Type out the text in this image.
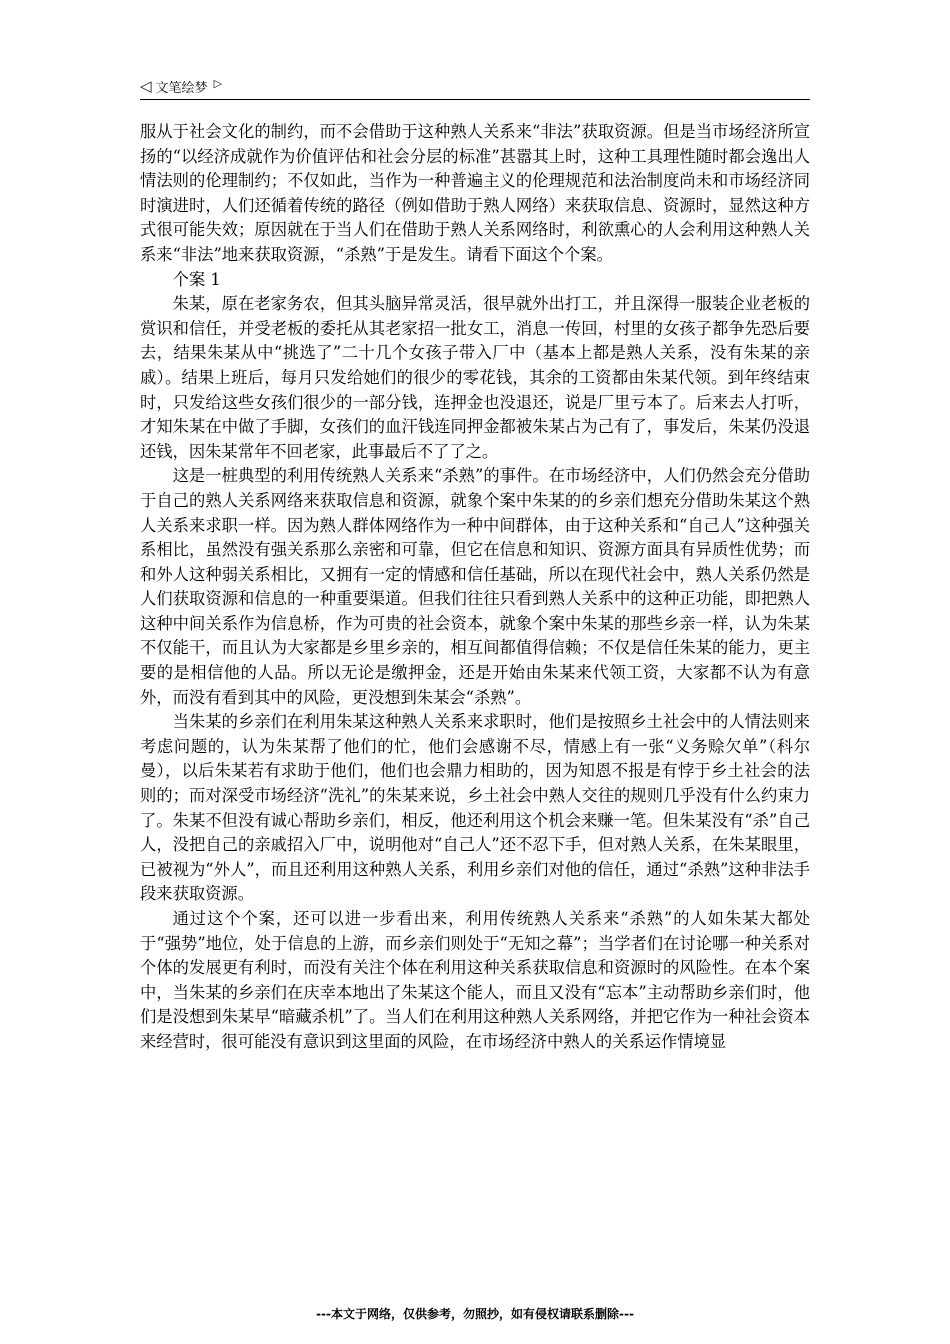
◁ 文笔绘梦 ▷

服从于社会文化的制约，而不会借助于这种熟人关系来“非法”获取资源。但是当市场经济所宣扬的“以经济成就作为价值评估和社会分层的标准”甚嚣其上时，这种工具理性随时都会逸出人情法则的伦理制约；不仅如此，当作为一种普遍主义的伦理规范和法治制度尚未和市场经济同时演进时，人们还循着传统的路径（例如借助于熟人网络）来获取信息、资源时，显然这种方式很可能失效；原因就在于当人们在借助于熟人关系网络时，利欲熏心的人会利用这种熟人关系来“非法”地来获取资源，“杀熟”于是发生。请看下面这个个案。

个案 1

朱某，原在老家务农，但其头脑异常灵活，很早就外出打工，并且深得一服装企业老板的赏识和信任，并受老板的委托从其老家招一批女工，消息一传回，村里的女孩子都争先恐后要去，结果朱某从中“挑选了”二十几个女孩子带入厂中（基本上都是熟人关系，没有朱某的亲戚）。结果上班后，每月只发给她们的很少的零花钱，其余的工资都由朱某代领。到年终结束时，只发给这些女孩们很少的一部分钱，连押金也没退还，说是厂里亏本了。后来去人打听，才知朱某在中做了手脚，女孩们的血汗钱连同押金都被朱某占为己有了，事发后，朱某仍没退还钱，因朱某常年不回老家，此事最后不了了之。

这是一桩典型的利用传统熟人关系来“杀熟”的事件。在市场经济中，人们仍然会充分借助于自己的熟人关系网络来获取信息和资源，就象个案中朱某的的乡亲们想充分借助朱某这个熟人关系来求职一样。因为熟人群体网络作为一种中间群体，由于这种关系和“自己人”这种强关系相比，虽然没有强关系那么亲密和可靠，但它在信息和知识、资源方面具有异质性优势；而和外人这种弱关系相比，又拥有一定的情感和信任基础，所以在现代社会中，熟人关系仍然是人们获取资源和信息的一种重要渠道。但我们往往只看到熟人关系中的这种正功能，即把熟人这种中间关系作为信息桥，作为可贵的社会资本，就象个案中朱某的那些乡亲一样，认为朱某不仅能干，而且认为大家都是乡里乡亲的，相互间都值得信赖；不仅是信任朱某的能力，更主要的是相信他的人品。所以无论是缴押金，还是开始由朱某来代领工资，大家都不认为有意外，而没有看到其中的风险，更没想到朱某会“杀熟”。

当朱某的乡亲们在利用朱某这种熟人关系来求职时，他们是按照乡土社会中的人情法则来考虑问题的，认为朱某帮了他们的忙，他们会感谢不尽，情感上有一张“义务赊欠单”（科尔曼），以后朱某若有求助于他们，他们也会鼎力相助的，因为知恩不报是有悖于乡土社会的法则的；而对深受市场经济“洗礼”的朱某来说，乡土社会中熟人交往的规则几乎没有什么约束力了。朱某不但没有诚心帮助乡亲们，相反，他还利用这个机会来赚一笔。但朱某没有“杀”自己人，没把自己的亲戚招入厂中，说明他对“自己人”还不忍下手，但对熟人关系，在朱某眼里，已被视为“外人”，而且还利用这种熟人关系，利用乡亲们对他的信任，通过“杀熟”这种非法手段来获取资源。

通过这个个案，还可以进一步看出来，利用传统熟人关系来“杀熟”的人如朱某大都处于“强势”地位，处于信息的上游，而乡亲们则处于“无知之幕”；当学者们在讨论哪一种关系对个体的发展更有利时，而没有关注个体在利用这种关系获取信息和资源时的风险性。在本个案中，当朱某的乡亲们在庆幸本地出了朱某这个能人，而且又没有“忘本”主动帮助乡亲们时，他们是没想到朱某早“暗藏杀机”了。当人们在利用这种熟人关系网络，并把它作为一种社会资本来经营时，很可能没有意识到这里面的风险，在市场经济中熟人的关系运作情境显

---本文于网络，仅供参考，勿照抄，如有侵权请联系删除---
